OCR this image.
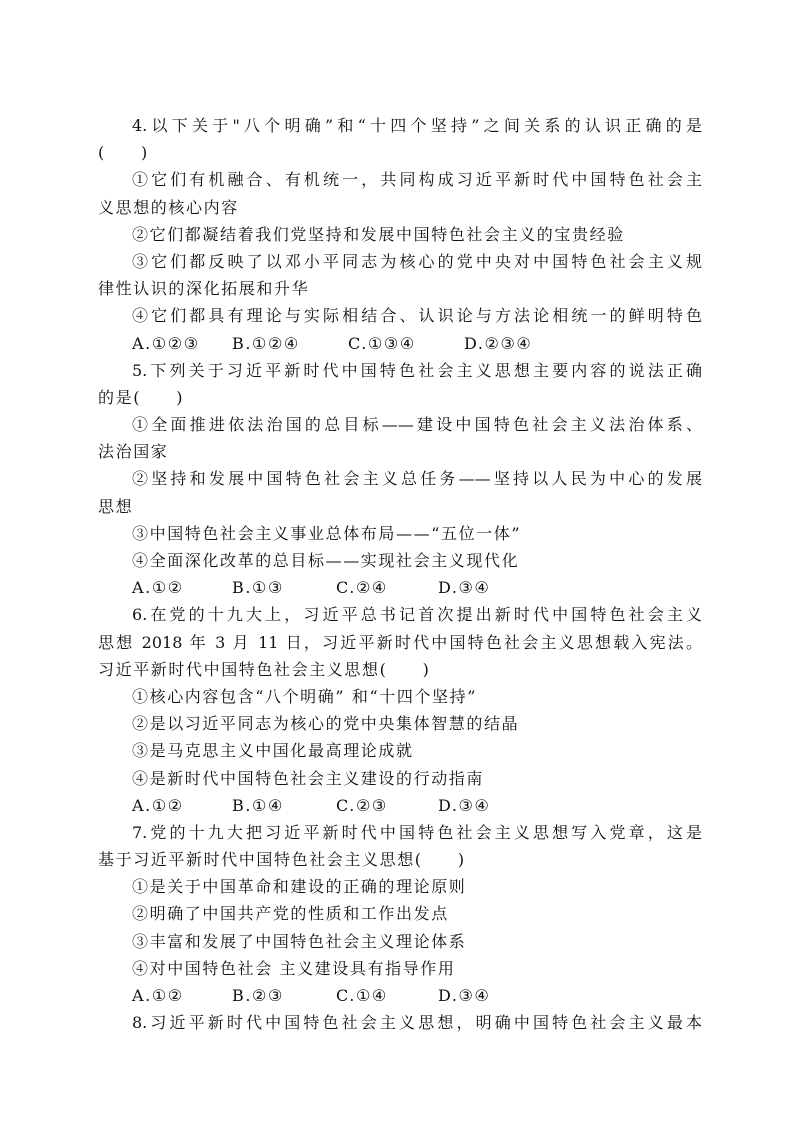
4.以下关于"八个明确”和“十四个坚持”之间关系的认识正确的是
(　　)
①它们有机融合、有机统一，共同构成习近平新时代中国特色社会主
义思想的核心内容
②它们都凝结着我们党坚持和发展中国特色社会主义的宝贵经验
③它们都反映了以邓小平同志为核心的党中央对中国特色社会主义规
律性认识的深化拓展和升华
④它们都具有理论与实际相结合、认识论与方法论相统一的鲜明特色
A.①②③	B.①②④	C.①③④	D.②③④
5.下列关于习近平新时代中国特色社会主义思想主要内容的说法正确
的是(　　)
①全面推进依法治国的总目标——建设中国特色社会主义法治体系、
法治国家
②坚持和发展中国特色社会主义总任务——坚持以人民为中心的发展
思想
③中国特色社会主义事业总体布局——“五位一体”
④全面深化改革的总目标——实现社会主义现代化
A.①②	B.①③	C.②④	D.③④
6.在党的十九大上，习近平总书记首次提出新时代中国特色社会主义
思想 2018 年 3 月 11 日，习近平新时代中国特色社会主义思想载入宪法。
习近平新时代中国特色社会主义思想(　　)
①核心内容包含“八个明确” 和“十四个坚持”
②是以习近平同志为核心的党中央集体智慧的结晶
③是马克思主义中国化最高理论成就
④是新时代中国特色社会主义建设的行动指南
A.①②	B.①④	C.②③	D.③④
7.党的十九大把习近平新时代中国特色社会主义思想写入党章，这是
基于习近平新时代中国特色社会主义思想(　　)
①是关于中国革命和建设的正确的理论原则
②明确了中国共产党的性质和工作出发点
③丰富和发展了中国特色社会主义理论体系
④对中国特色社会 主义建设具有指导作用
A.①②	B.②③	C.①④	D.③④
8.习近平新时代中国特色社会主义思想，明确中国特色社会主义最本
